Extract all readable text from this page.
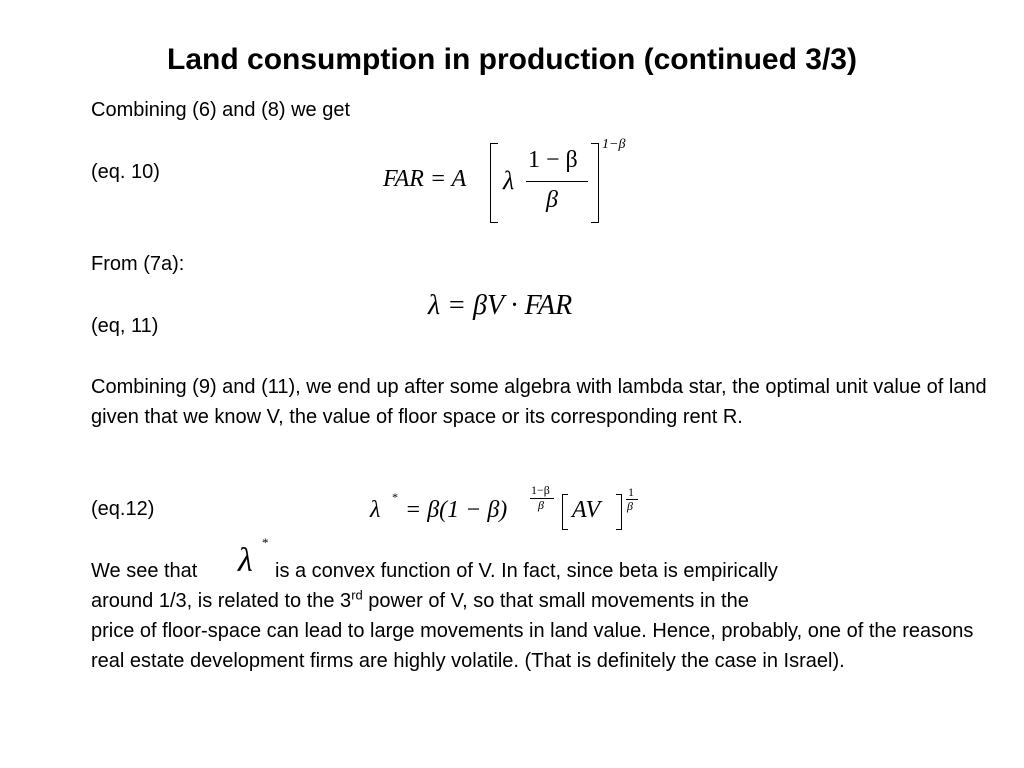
Land consumption in production (continued 3/3)
Combining (6) and (8) we get
(eq. 10)	FAR = A λ
1 − β
β
1−β
From (7a):
λ = βV · FAR
(eq, 11)
Combining (9) and (11), we end up after some algebra with lambda star, the optimal unit value of land given that we know V, the value of floor space or its corresponding rent R.
(eq.12)	λ * = β(1 − β)
1−β
β AV
1
β
We see that λ *
is a convex function of V. In fact, since beta is empirically
around 1/3, is related to the 3rd power of V, so that small movements in the
price of floor-space can lead to large movements in land value. Hence, probably, one of the reasons real estate development firms are highly volatile. (That is definitely the case in Israel).
